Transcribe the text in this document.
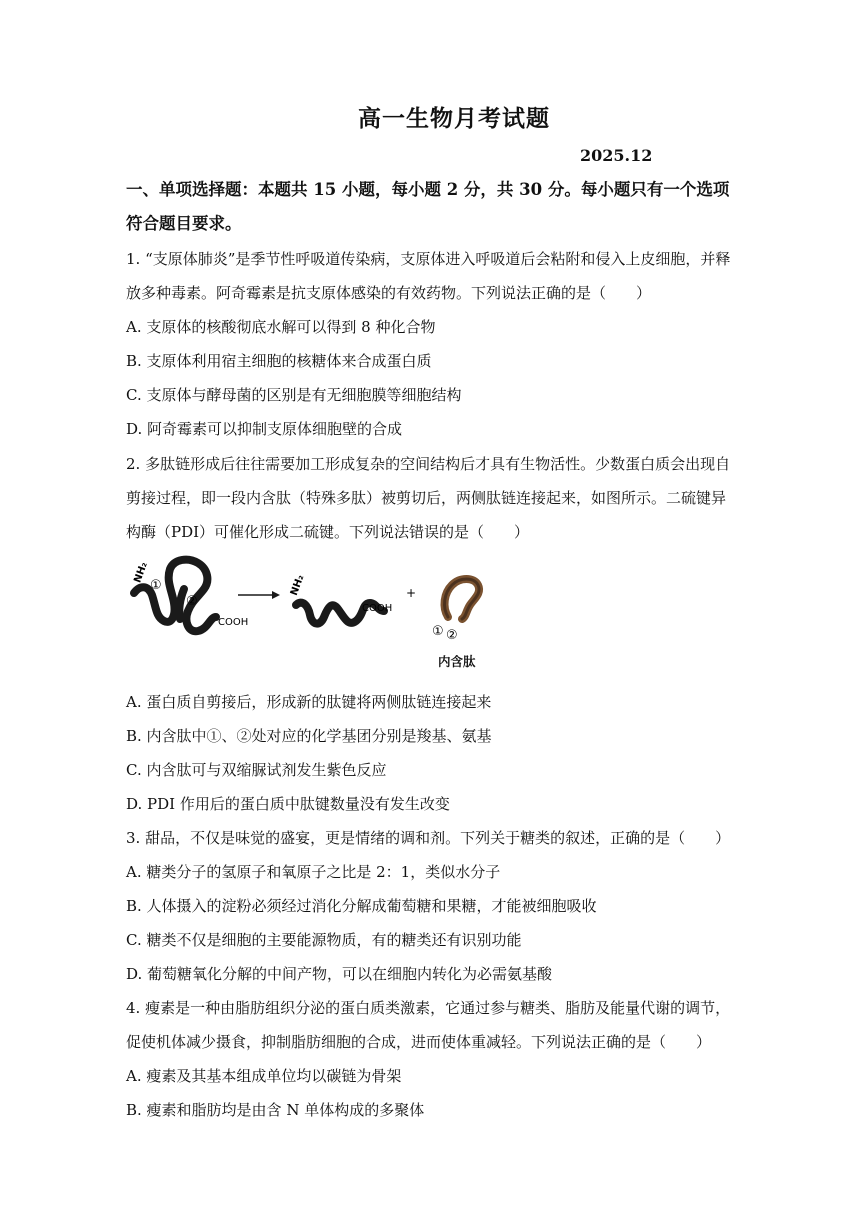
高一生物月考试题
2025.12
一、单项选择题：本题共 15 小题，每小题 2 分，共 30 分。每小题只有一个选项
符合题目要求。
1. “支原体肺炎”是季节性呼吸道传染病，支原体进入呼吸道后会粘附和侵入上皮细胞，并释
放多种毒素。阿奇霉素是抗支原体感染的有效药物。下列说法正确的是（　　）
A. 支原体的核酸彻底水解可以得到 8 种化合物
B. 支原体利用宿主细胞的核糖体来合成蛋白质
C. 支原体与酵母菌的区别是有无细胞膜等细胞结构
D. 阿奇霉素可以抑制支原体细胞壁的合成
2. 多肽链形成后往往需要加工形成复杂的空间结构后才具有生物活性。少数蛋白质会出现自
剪接过程，即一段内含肽（特殊多肽）被剪切后，两侧肽链连接起来，如图所示。二硫键异
构酶（PDI）可催化形成二硫键。下列说法错误的是（　　）
NH₂
①
②
COOH
NH₂
COOH
+
① ②
内含肽
A. 蛋白质自剪接后，形成新的肽键将两侧肽链连接起来
B. 内含肽中①、②处对应的化学基团分别是羧基、氨基
C. 内含肽可与双缩脲试剂发生紫色反应
D. PDI 作用后的蛋白质中肽键数量没有发生改变
3. 甜品，不仅是味觉的盛宴，更是情绪的调和剂。下列关于糖类的叙述，正确的是（　　）
A. 糖类分子的氢原子和氧原子之比是 2：1，类似水分子
B. 人体摄入的淀粉必须经过消化分解成葡萄糖和果糖，才能被细胞吸收
C. 糖类不仅是细胞的主要能源物质，有的糖类还有识别功能
D. 葡萄糖氧化分解的中间产物，可以在细胞内转化为必需氨基酸
4. 瘦素是一种由脂肪组织分泌的蛋白质类激素，它通过参与糖类、脂肪及能量代谢的调节，
促使机体减少摄食，抑制脂肪细胞的合成，进而使体重减轻。下列说法正确的是（　　）
A. 瘦素及其基本组成单位均以碳链为骨架
B. 瘦素和脂肪均是由含 N 单体构成的多聚体
